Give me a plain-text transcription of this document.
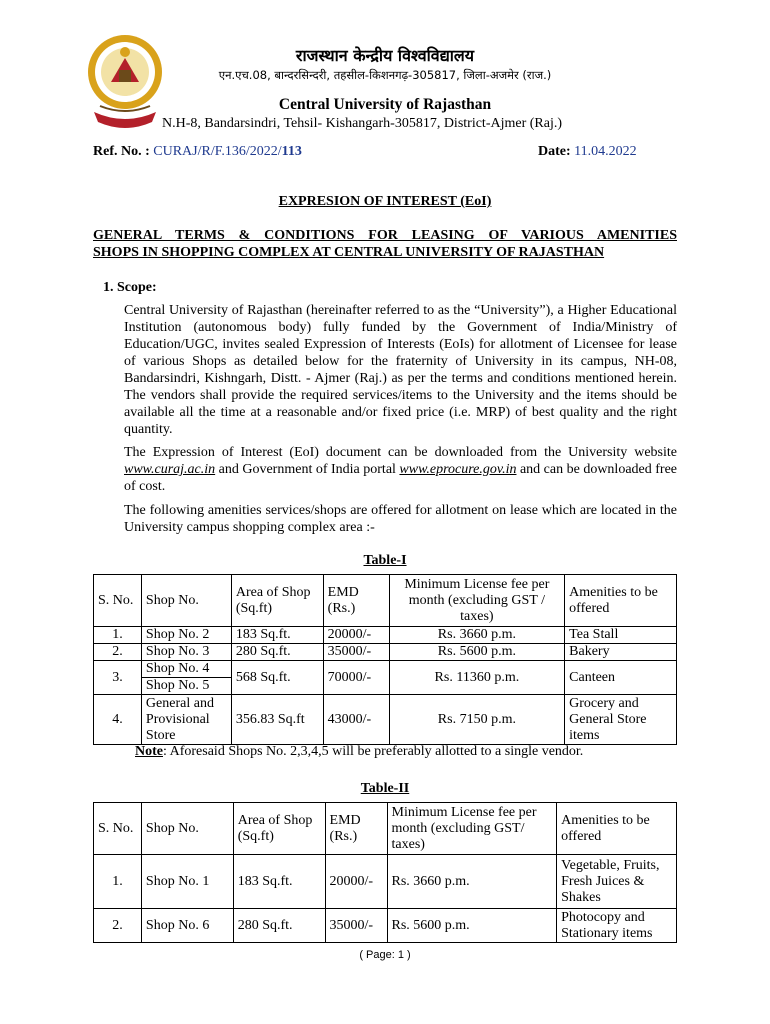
राजस्थान केन्द्रीय विश्वविद्यालय
एन.एच.08, बान्दरसिन्दरी, तहसील-किशनगढ़-305817, जिला-अजमेर (राज.)
Central University of Rajasthan
N.H-8, Bandarsindri, Tehsil- Kishangarh-305817, District-Ajmer (Raj.)
Ref. No. : CURAJ/R/F.136/2022/113	Date: 11.04.2022
EXPRESION OF INTEREST (EoI)
GENERAL TERMS & CONDITIONS FOR LEASING OF VARIOUS AMENITIES
SHOPS IN SHOPPING COMPLEX AT CENTRAL UNIVERSITY OF RAJASTHAN
1. Scope:
Central University of Rajasthan (hereinafter referred to as the “University”), a Higher Educational Institution (autonomous body) fully funded by the Government of India/Ministry of Education/UGC, invites sealed Expression of Interests (EoIs) for allotment of Licensee for lease of various Shops as detailed below for the fraternity of University in its campus, NH-08, Bandarsindri, Kishngarh, Distt. - Ajmer (Raj.) as per the terms and conditions mentioned herein. The vendors shall provide the required services/items to the University and the items should be available all the time at a reasonable and/or fixed price (i.e. MRP) of best quality and the right quantity.
The Expression of Interest (EoI) document can be downloaded from the University website www.curaj.ac.in and Government of India portal www.eprocure.gov.in and can be downloaded free of cost.
The following amenities services/shops are offered for allotment on lease which are located in the University campus shopping complex area :-
Table-I
S. No.	Shop No.	Area of Shop (Sq.ft)	EMD (Rs.)	Minimum License fee per month (excluding GST / taxes)	Amenities to be offered
1.	Shop No. 2	183 Sq.ft.	20000/-	Rs. 3660 p.m.	Tea Stall
2.	Shop No. 3	280 Sq.ft.	35000/-	Rs. 5600 p.m.	Bakery
3.	Shop No. 4	568 Sq.ft.	70000/-	Rs. 11360 p.m.	Canteen
	Shop No. 5				
4.	General and Provisional Store	356.83 Sq.ft	43000/-	Rs. 7150 p.m.	Grocery and General Store items
Note: Aforesaid Shops No. 2,3,4,5 will be preferably allotted to a single vendor.
Table-II
S. No.	Shop No.	Area of Shop (Sq.ft)	EMD (Rs.)	Minimum License fee per month (excluding GST/ taxes)	Amenities to be offered
1.	Shop No. 1	183 Sq.ft.	20000/-	Rs. 3660 p.m.	Vegetable, Fruits, Fresh Juices & Shakes
2.	Shop No. 6	280 Sq.ft.	35000/-	Rs. 5600 p.m.	Photocopy and Stationary items
( Page: 1 )
